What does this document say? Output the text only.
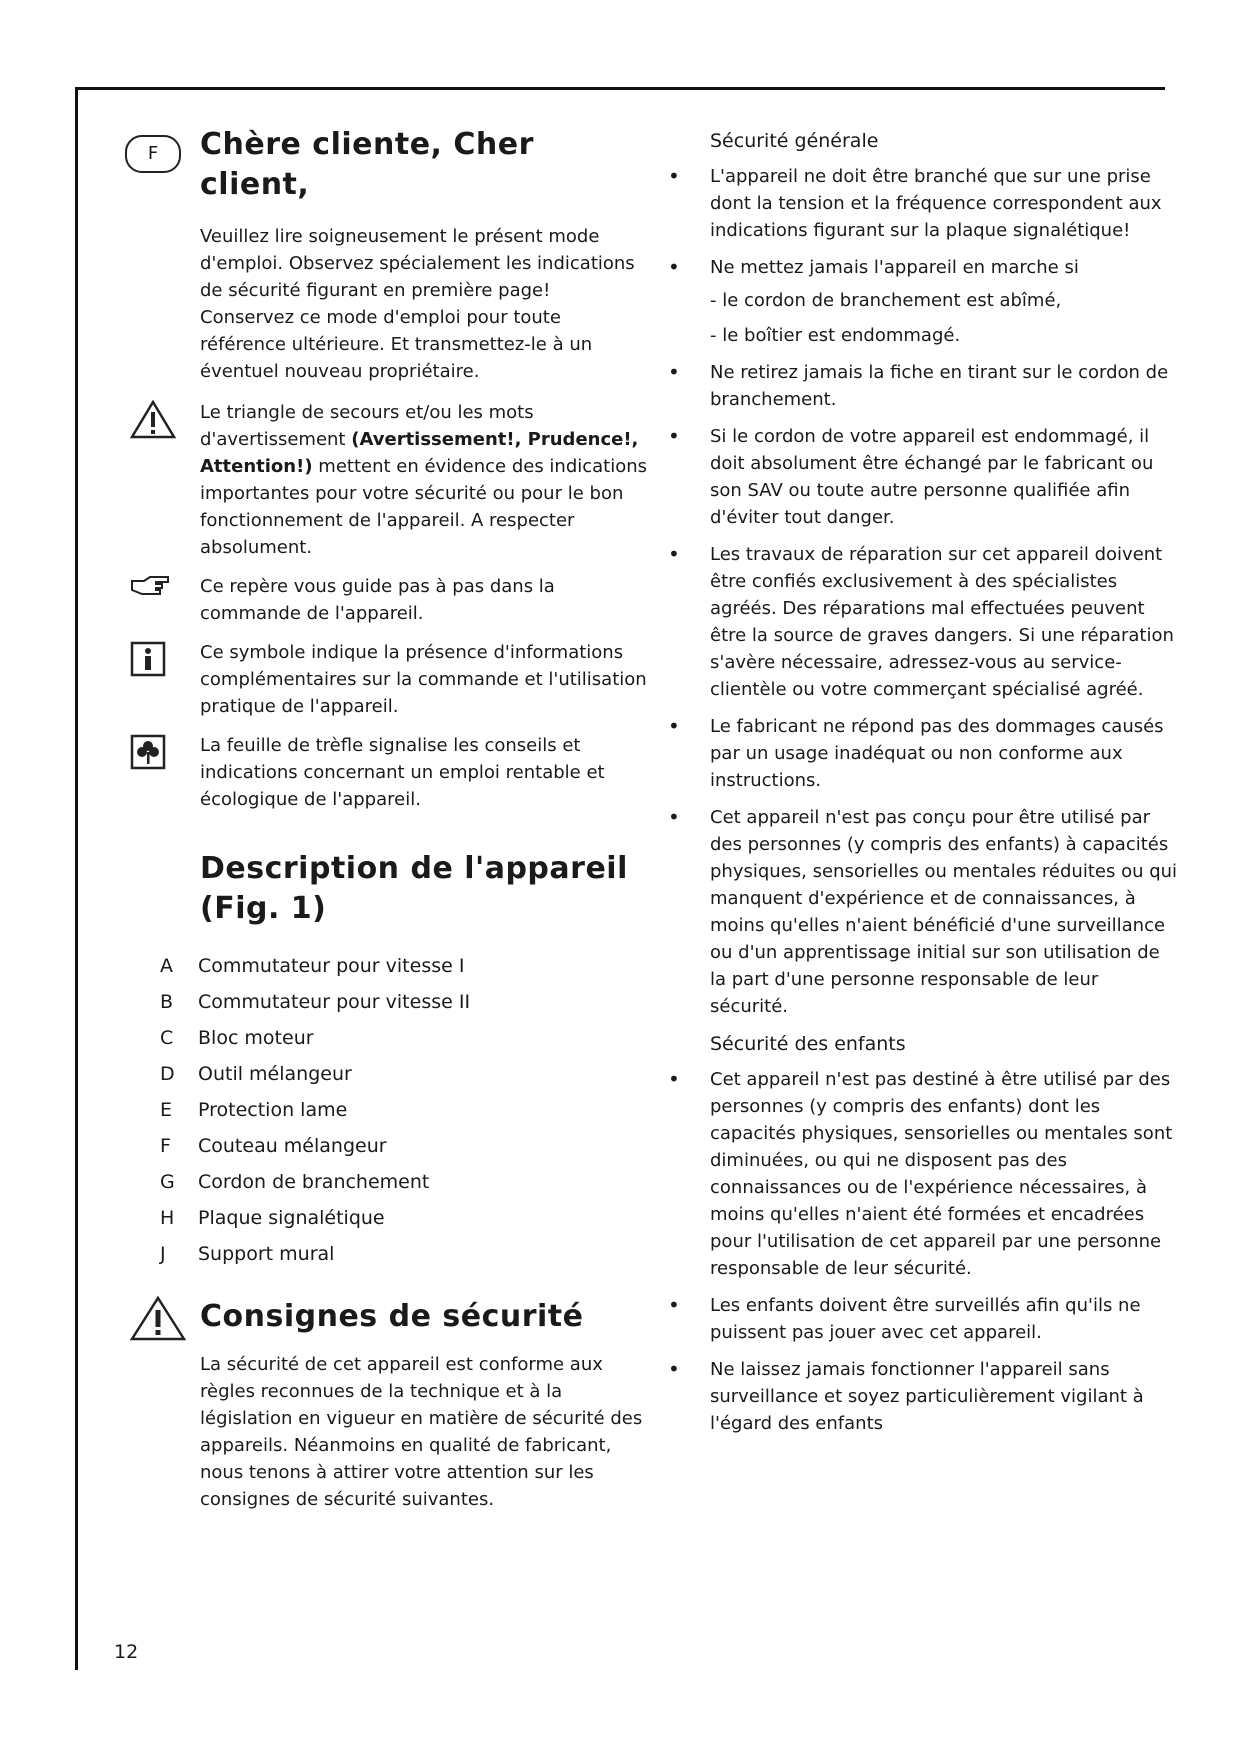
F	Chère cliente, Cher client,
Veuillez lire soigneusement le présent mode d'emploi. Observez spécialement les indications de sécurité figurant en première page! Conservez ce mode d'emploi pour toute référence ultérieure. Et transmettez-le à un éventuel nouveau propriétaire.
Le triangle de secours et/ou les mots d'avertissement (Avertissement!, Prudence!, Attention!) mettent en évidence des indications importantes pour votre sécurité ou pour le bon fonctionnement de l'appareil. A respecter absolument.
Ce repère vous guide pas à pas dans la commande de l'appareil.
Ce symbole indique la présence d'informations complémentaires sur la commande et l'utilisation pratique de l'appareil.
La feuille de trèfle signalise les conseils et indications concernant un emploi rentable et écologique de l'appareil.
Description de l'appareil
(Fig. 1)
A Commutateur pour vitesse I
B Commutateur pour vitesse II
C Bloc moteur
D Outil mélangeur
E Protection lame
F Couteau mélangeur
G Cordon de branchement
H Plaque signalétique
J Support mural
Consignes de sécurité
La sécurité de cet appareil est conforme aux règles reconnues de la technique et à la législation en vigueur en matière de sécurité des appareils. Néanmoins en qualité de fabricant, nous tenons à attirer votre attention sur les consignes de sécurité suivantes.
Sécurité générale
• L'appareil ne doit être branché que sur une prise dont la tension et la fréquence correspondent aux indications figurant sur la plaque signalétique!
• Ne mettez jamais l'appareil en marche si
- le cordon de branchement est abîmé,
- le boîtier est endommagé.
• Ne retirez jamais la fiche en tirant sur le cordon de branchement.
• Si le cordon de votre appareil est endommagé, il doit absolument être échangé par le fabricant ou son SAV ou toute autre personne qualifiée afin d'éviter tout danger.
• Les travaux de réparation sur cet appareil doivent être confiés exclusivement à des spécialistes agréés. Des réparations mal effectuées peuvent être la source de graves dangers. Si une réparation s'avère nécessaire, adressez-vous au service-clientèle ou votre commerçant spécialisé agréé.
• Le fabricant ne répond pas des dommages causés par un usage inadéquat ou non conforme aux instructions.
• Cet appareil n'est pas conçu pour être utilisé par des personnes (y compris des enfants) à capacités physiques, sensorielles ou mentales réduites ou qui manquent d'expérience et de connaissances, à moins qu'elles n'aient bénéficié d'une surveillance ou d'un apprentissage initial sur son utilisation de la part d'une personne responsable de leur sécurité.
Sécurité des enfants
• Cet appareil n'est pas destiné à être utilisé par des personnes (y compris des enfants) dont les capacités physiques, sensorielles ou mentales sont diminuées, ou qui ne disposent pas des connaissances ou de l'expérience nécessaires, à moins qu'elles n'aient été formées et encadrées pour l'utilisation de cet appareil par une personne responsable de leur sécurité.
• Les enfants doivent être surveillés afin qu'ils ne puissent pas jouer avec cet appareil.
• Ne laissez jamais fonctionner l'appareil sans surveillance et soyez particulièrement vigilant à l'égard des enfants
12
